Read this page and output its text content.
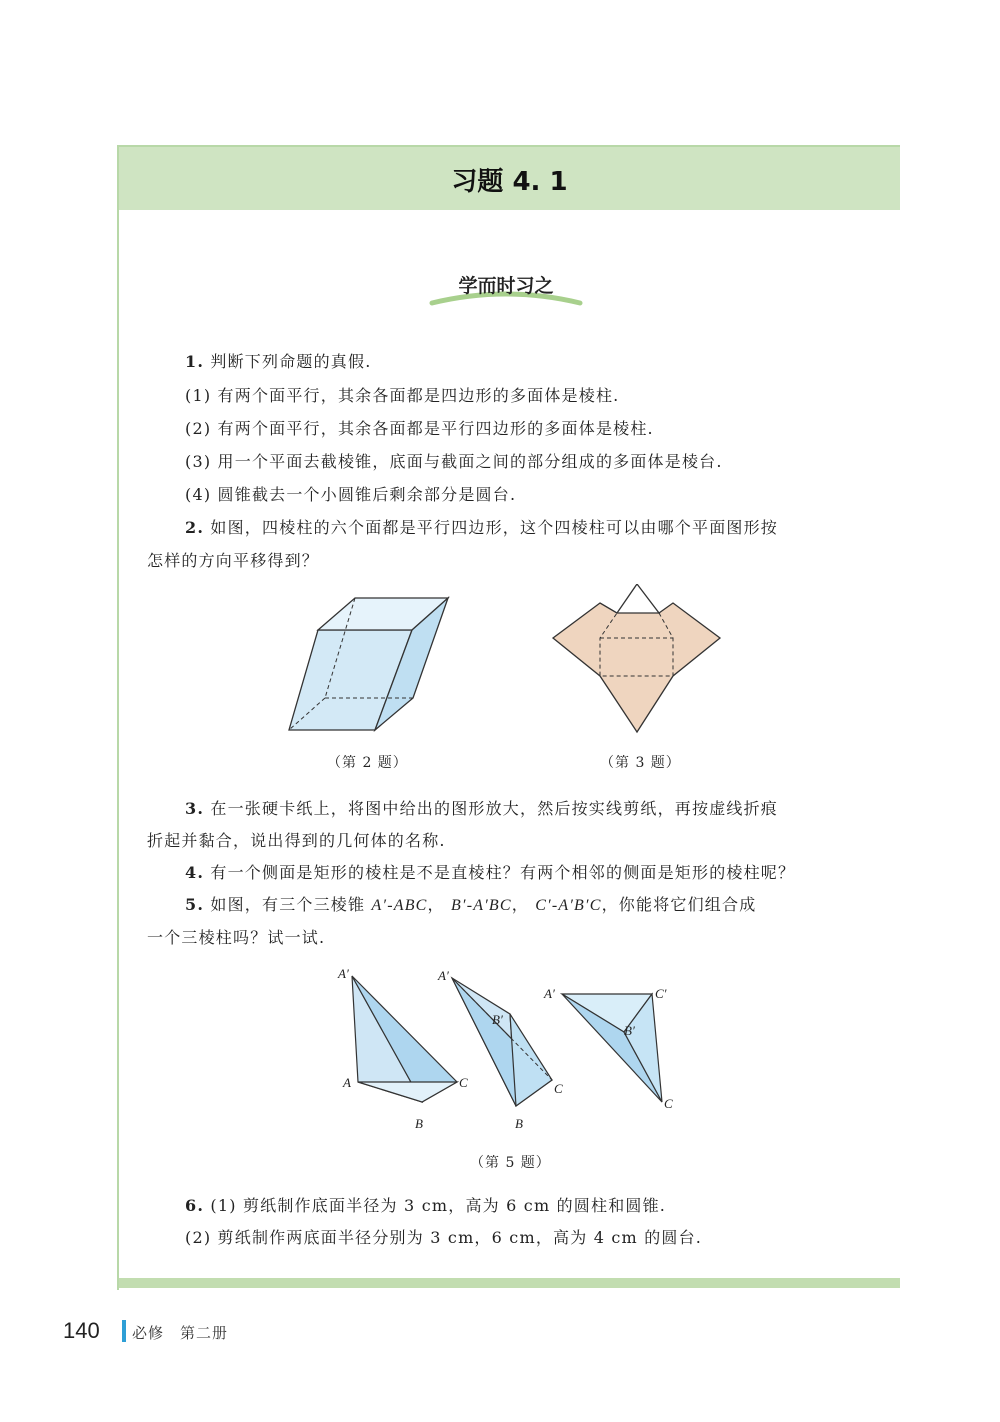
习题 4. 1
学而时习之
1. 判断下列命题的真假.
(1) 有两个面平行，其余各面都是四边形的多面体是棱柱.
(2) 有两个面平行，其余各面都是平行四边形的多面体是棱柱.
(3) 用一个平面去截棱锥，底面与截面之间的部分组成的多面体是棱台.
(4) 圆锥截去一个小圆锥后剩余部分是圆台.
2. 如图，四棱柱的六个面都是平行四边形，这个四棱柱可以由哪个平面图形按
怎样的方向平移得到？
（第 2 题）	（第 3 题）
3. 在一张硬卡纸上，将图中给出的图形放大，然后按实线剪纸，再按虚线折痕
折起并黏合，说出得到的几何体的名称.
4. 有一个侧面是矩形的棱柱是不是直棱柱？有两个相邻的侧面是矩形的棱柱呢？
5. 如图，有三个三棱锥 A′-ABC， B′-A′BC， C′-A′B′C，你能将它们组合成
一个三棱柱吗？试一试.
A′
A	C
B
A′
B′
C
B
A′	C′
B′
C
（第 5 题）
6. (1) 剪纸制作底面半径为 3 cm，高为 6 cm 的圆柱和圆锥.
(2) 剪纸制作两底面半径分别为 3 cm，6 cm，高为 4 cm 的圆台.
140 必修　第二册
